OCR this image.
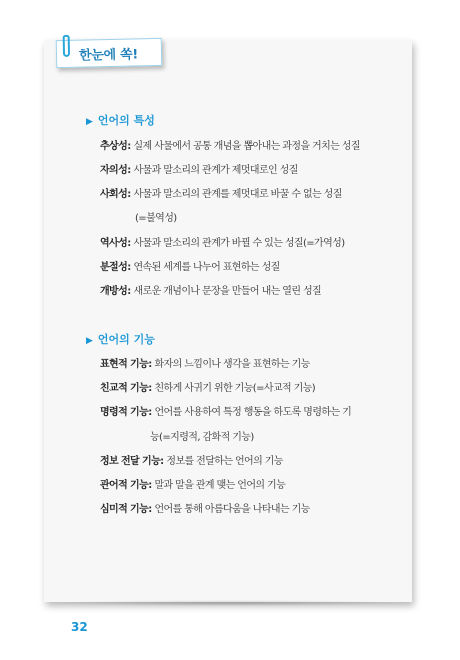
한눈에 쏙!
▶ 언어의 특성
추상성: 실제 사물에서 공통 개념을 뽑아내는 과정을 거치는 성질
자의성: 사물과 말소리의 관계가 제멋대로인 성질
사회성: 사물과 말소리의 관계를 제멋대로 바꿀 수 없는 성질
(=불역성)
역사성: 사물과 말소리의 관계가 바뀔 수 있는 성질(=가역성)
분절성: 연속된 세계를 나누어 표현하는 성질
개방성: 새로운 개념이나 문장을 만들어 내는 열린 성질
▶ 언어의 기능
표현적 기능: 화자의 느낌이나 생각을 표현하는 기능
친교적 기능: 친하게 사귀기 위한 기능(=사교적 기능)
명령적 기능: 언어를 사용하여 특정 행동을 하도록 명령하는 기
능(=지령적, 감화적 기능)
정보 전달 기능: 정보를 전달하는 언어의 기능
관어적 기능: 말과 말을 관계 맺는 언어의 기능
심미적 기능: 언어를 통해 아름다움을 나타내는 기능
32
